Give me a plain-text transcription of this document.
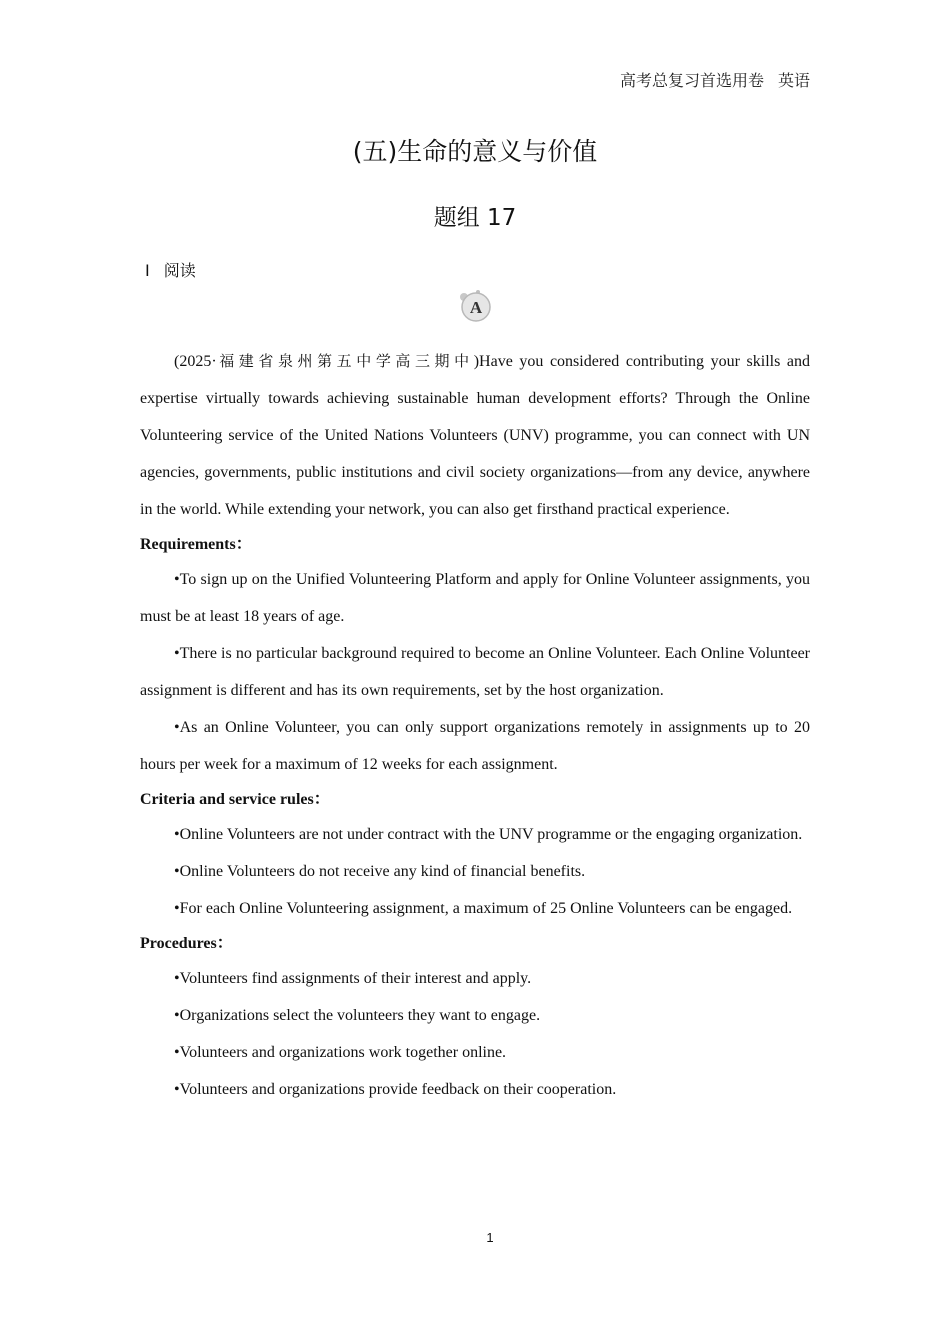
高考总复习首选用卷 英语
(五)生命的意义与价值
题组 17
Ⅰ 阅读
A

(2025·福建省泉州第五中学高三期中)Have you considered contributing your skills and expertise virtually towards achieving sustainable human development efforts? Through the Online Volunteering service of the United Nations Volunteers (UNV) programme, you can connect with UN agencies, governments, public institutions and civil society organizations—from any device, anywhere in the world. While extending your network, you can also get firsthand practical experience.

Requirements：

•To sign up on the Unified Volunteering Platform and apply for Online Volunteer assignments, you must be at least 18 years of age.

•There is no particular background required to become an Online Volunteer. Each Online Volunteer assignment is different and has its own requirements, set by the host organization.

•As an Online Volunteer, you can only support organizations remotely in assignments up to 20 hours per week for a maximum of 12 weeks for each assignment.

Criteria and service rules：

•Online Volunteers are not under contract with the UNV programme or the engaging organization.

•Online Volunteers do not receive any kind of financial benefits.

•For each Online Volunteering assignment, a maximum of 25 Online Volunteers can be engaged.

Procedures：

•Volunteers find assignments of their interest and apply.

•Organizations select the volunteers they want to engage.

•Volunteers and organizations work together online.

•Volunteers and organizations provide feedback on their cooperation.

1
